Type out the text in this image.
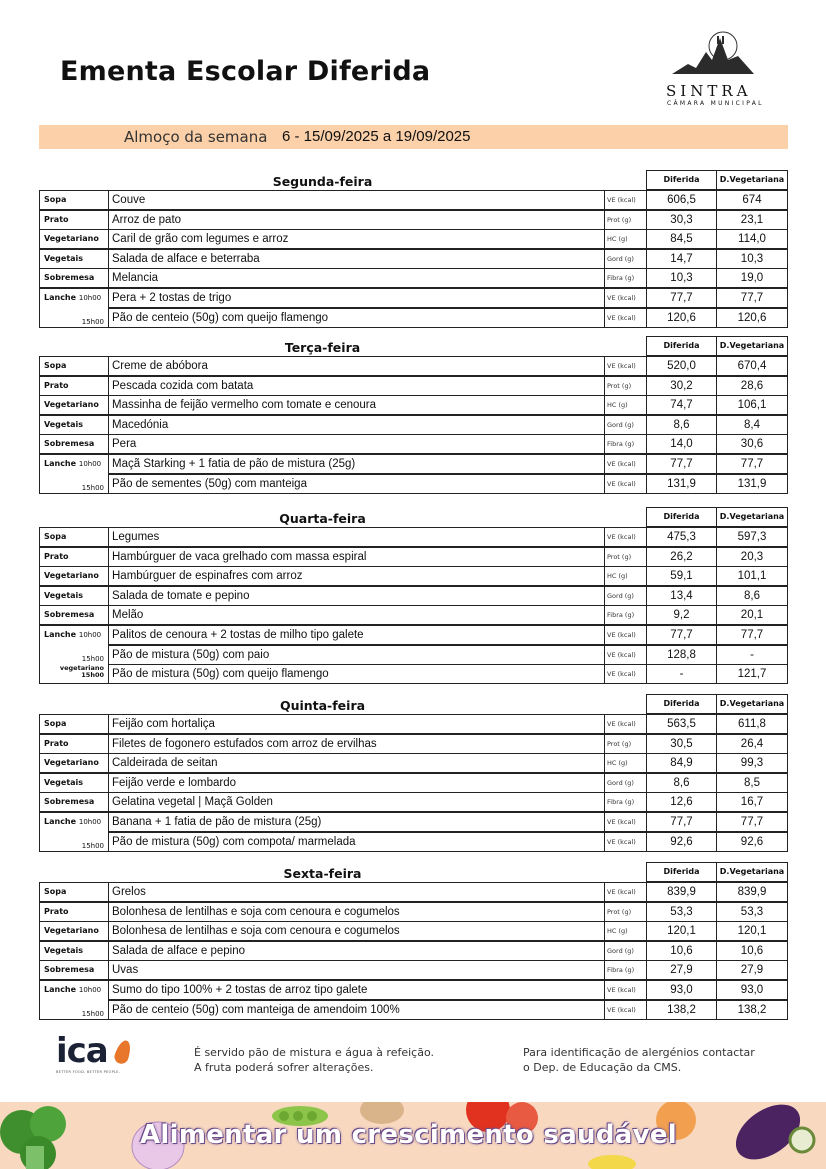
Ementa Escolar Diferida
SINTRA
CÂMARA MUNICIPAL
Almoço da semana 6 - 15/09/2025 a 19/09/2025
Segunda-feira	Diferida	D.Vegetariana
Sopa	Couve	VE (kcal)	606,5	674
Prato	Arroz de pato	Prot (g)	30,3	23,1
Vegetariano	Caril de grão com legumes e arroz	HC (g)	84,5	114,0
Vegetais	Salada de alface e beterraba	Gord (g)	14,7	10,3
Sobremesa	Melancia	Fibra (g)	10,3	19,0
Lanche 10h00 Pera + 2 tostas de trigo	VE (kcal)	77,7	77,7
15h00 Pão de centeio (50g) com queijo flamengo	VE (kcal)	120,6	120,6
Terça-feira	Diferida	D.Vegetariana
Sopa	Creme de abóbora	VE (kcal)	520,0	670,4
Prato	Pescada cozida com batata	Prot (g)	30,2	28,6
Vegetariano	Massinha de feijão vermelho com tomate e cenoura	HC (g)	74,7	106,1
Vegetais	Macedónia	Gord (g)	8,6	8,4
Sobremesa	Pera	Fibra (g)	14,0	30,6
Lanche 10h00 Maçã Starking + 1 fatia de pão de mistura (25g)	VE (kcal)	77,7	77,7
15h00 Pão de sementes (50g) com manteiga	VE (kcal)	131,9	131,9
Quarta-feira	Diferida	D.Vegetariana
Sopa	Legumes	VE (kcal)	475,3	597,3
Prato	Hambúrguer de vaca grelhado com massa espiral	Prot (g)	26,2	20,3
Vegetariano	Hambúrguer de espinafres com arroz	HC (g)	59,1	101,1
Vegetais	Salada de tomate e pepino	Gord (g)	13,4	8,6
Sobremesa	Melão	Fibra (g)	9,2	20,1
Lanche 10h00 Palitos de cenoura + 2 tostas de milho tipo galete	VE (kcal)	77,7	77,7
15h00 Pão de mistura (50g) com paio	VE (kcal)	128,8	-
vegetariano
15h00 Pão de mistura (50g) com queijo flamengo	VE (kcal)	-	121,7
Quinta-feira	Diferida	D.Vegetariana
Sopa	Feijão com hortaliça	VE (kcal)	563,5	611,8
Prato	Filetes de fogonero estufados com arroz de ervilhas	Prot (g)	30,5	26,4
Vegetariano	Caldeirada de seitan	HC (g)	84,9	99,3
Vegetais	Feijão verde e lombardo	Gord (g)	8,6	8,5
Sobremesa	Gelatina vegetal | Maçã Golden	Fibra (g)	12,6	16,7
Lanche 10h00 Banana + 1 fatia de pão de mistura (25g)	VE (kcal)	77,7	77,7
15h00 Pão de mistura (50g) com compota/ marmelada	VE (kcal)	92,6	92,6
Sexta-feira	Diferida	D.Vegetariana
Sopa	Grelos	VE (kcal)	839,9	839,9
Prato	Bolonhesa de lentilhas e soja com cenoura e cogumelos	Prot (g)	53,3	53,3
Vegetariano	Bolonhesa de lentilhas e soja com cenoura e cogumelos	HC (g)	120,1	120,1
Vegetais	Salada de alface e pepino	Gord (g)	10,6	10,6
Sobremesa	Uvas	Fibra (g)	27,9	27,9
Lanche 10h00 Sumo do tipo 100% + 2 tostas de arroz tipo galete	VE (kcal)	93,0	93,0
15h00 Pão de centeio (50g) com manteiga de amendoim 100%	VE (kcal)	138,2	138,2
ica
BETTER FOOD. BETTER PEOPLE.
É servido pão de mistura e água à refeição.
A fruta poderá sofrer alterações.
Para identificação de alergénios contactar
o Dep. de Educação da CMS.
Alimentar um crescimento saudável
